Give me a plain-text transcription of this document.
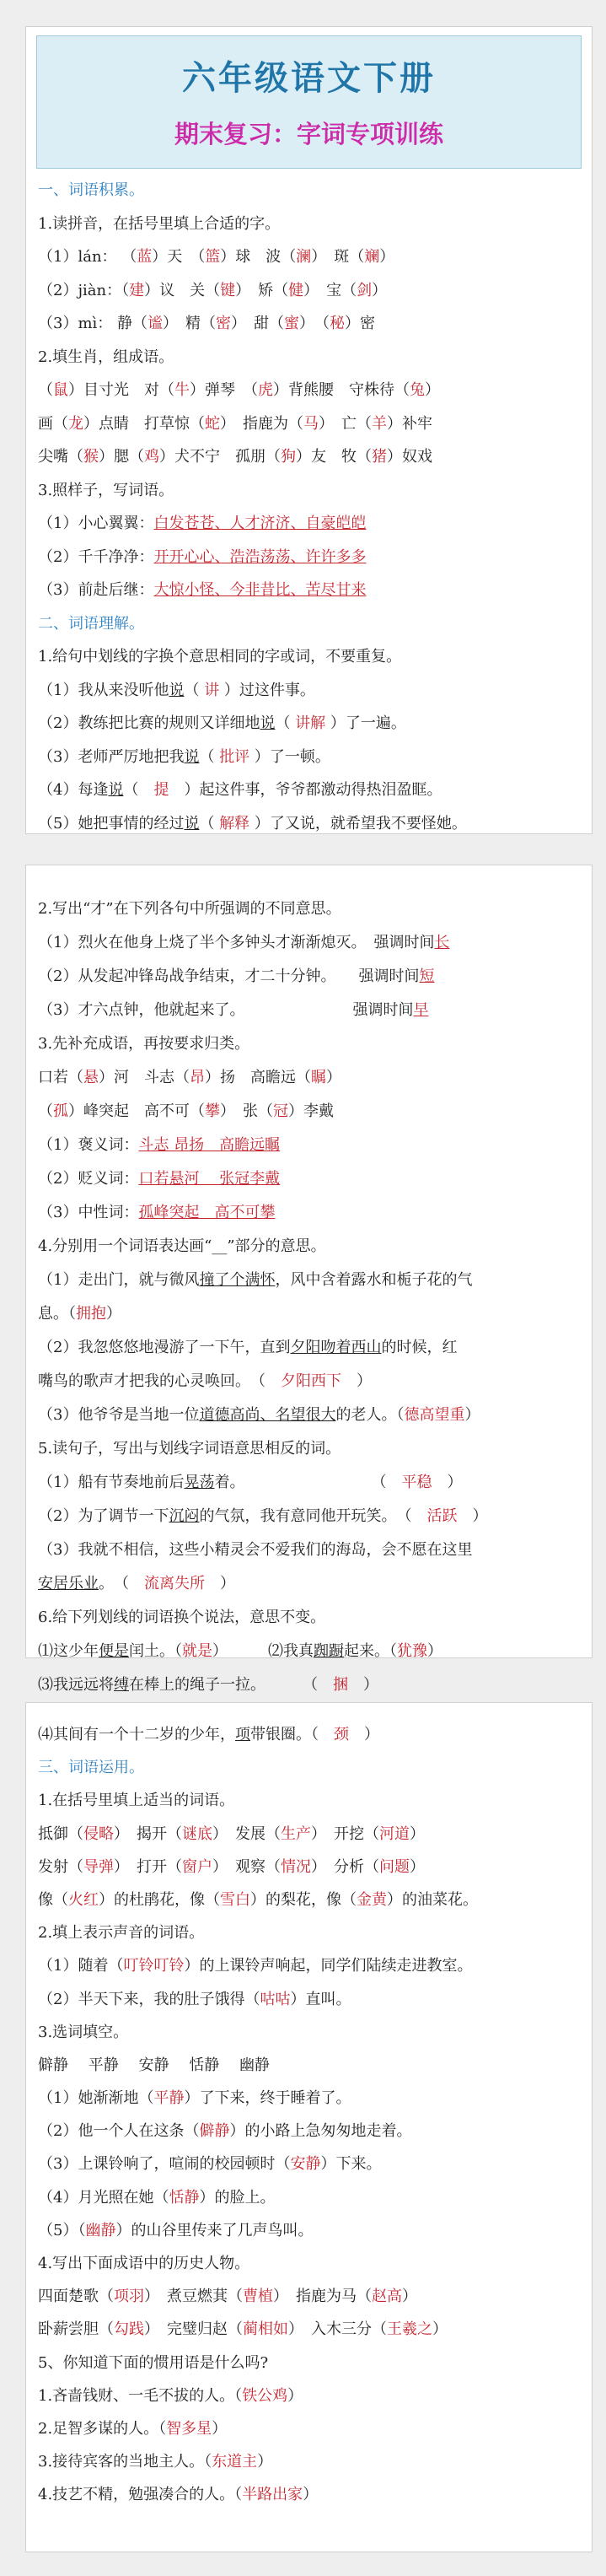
六年级语文下册
期末复习：字词专项训练
一、词语积累。
1.读拼音，在括号里填上合适的字。
（1）lán： （蓝）天　（篮）球　 波（澜）　斑（斓）
（2）jiàn：（建）议　 关（键）　矫（健）　宝（剑）
（3）mì： 静（谧）　精（密）　甜（蜜）　（秘）密
2.填生肖，组成语。
（鼠）目寸光　 对（牛）弹琴　（虎）背熊腰　 守株待（兔）
画（龙）点睛　 打草惊（蛇）　指鹿为（马）　亡（羊）补牢
尖嘴（猴）腮（鸡）犬不宁　 孤朋（狗）友　 牧（猪）奴戏
3.照样子，写词语。
（1）小心翼翼：白发苍苍、人才济济、自豪皑皑
（2）千千净净：开开心心、浩浩荡荡、许许多多
（3）前赴后继：大惊小怪、今非昔比、苦尽甘来
二、词语理解。
1.给句中划线的字换个意思相同的字或词，不要重复。
（1）我从来没听他说（ 讲 ）过这件事。
（2）教练把比赛的规则又详细地说（ 讲解 ）了一遍。
（3）老师严厉地把我说（ 批评 ）了一顿。
（4）每逢说（　 提　 ）起这件事，爷爷都激动得热泪盈眶。
（5）她把事情的经过说（ 解释 ）了又说，就希望我不要怪她。
2.写出“才”在下列各句中所强调的不同意思。
（1）烈火在他身上烧了半个多钟头才渐渐熄灭。　 强调时间长
（2）从发起冲锋岛战争结束，才二十分钟。　　 强调时间短
（3）才六点钟，他就起来了。	强调时间早
3.先补充成语，再按要求归类。
口若（悬）河　 斗志（昂）扬　 高瞻远（瞩）
（孤）峰突起　 高不可（攀）　张（冠）李戴
（1）褒义词：斗志 昂扬　高瞻远瞩
（2）贬义词：口若悬河　 张冠李戴
（3）中性词：孤峰突起　高不可攀
4.分别用一个词语表达画“__”部分的意思。
（1）走出门，就与微风撞了个满怀，风中含着露水和栀子花的气
息。（拥抱）
（2）我忽悠悠地漫游了一下午，直到夕阳吻着西山的时候，红
嘴鸟的歌声才把我的心灵唤回。　 （　 夕阳西下　 ）
（3）他爷爷是当地一位道德高尚、名望很大的老人。（德高望重）
5.读句子，写出与划线字词语意思相反的词。
（1）船有节奏地前后晃荡着。	（　 平稳　 ）
（2）为了调节一下沉闷的气氛，我有意同他开玩笑。　 （　 活跃　 ）
（3）我就不相信，这些小精灵会不爱我们的海岛，会不愿在这里
安居乐业。　 （　 流离失所　 ）
6.给下列划线的词语换个说法，意思不变。
⑴这少年便是闰土。（就是）	⑵我真踟蹰起来。（犹豫）
⑶我远远将缚在棒上的绳子一拉。 （　 捆　 ）
⑷其间有一个十二岁的少年，项带银圈。（　 颈　 ）
三、词语运用。
1.在括号里填上适当的词语。
抵御（侵略）　揭开（谜底）　发展（生产）　开挖（河道）
发射（导弹）　打开（窗户）　观察（情况）　分析（问题）
像（火红）的杜鹃花，像（雪白）的梨花，像（金黄）的油菜花。
2.填上表示声音的词语。
（1）随着（叮铃叮铃）的上课铃声响起，同学们陆续走进教室。
（2）半天下来，我的肚子饿得（咕咕）直叫。
3.选词填空。
僻静　 平静　 安静　 恬静　 幽静
（1）她渐渐地（平静）了下来，终于睡着了。
（2）他一个人在这条（僻静）的小路上急匆匆地走着。
（3）上课铃响了，喧闹的校园顿时（安静）下来。
（4）月光照在她（恬静）的脸上。
（5）（幽静）的山谷里传来了几声鸟叫。
4.写出下面成语中的历史人物。
四面楚歌（项羽）　煮豆燃萁（曹植）　指鹿为马（赵高）
卧薪尝胆（勾践）　完璧归赵（蔺相如）　入木三分（王羲之）
5、你知道下面的惯用语是什么吗?
1.吝啬钱财、一毛不拔的人。（铁公鸡）
2.足智多谋的人。（智多星）
3.接待宾客的当地主人。（东道主）
4.技艺不精，勉强凑合的人。（半路出家）
